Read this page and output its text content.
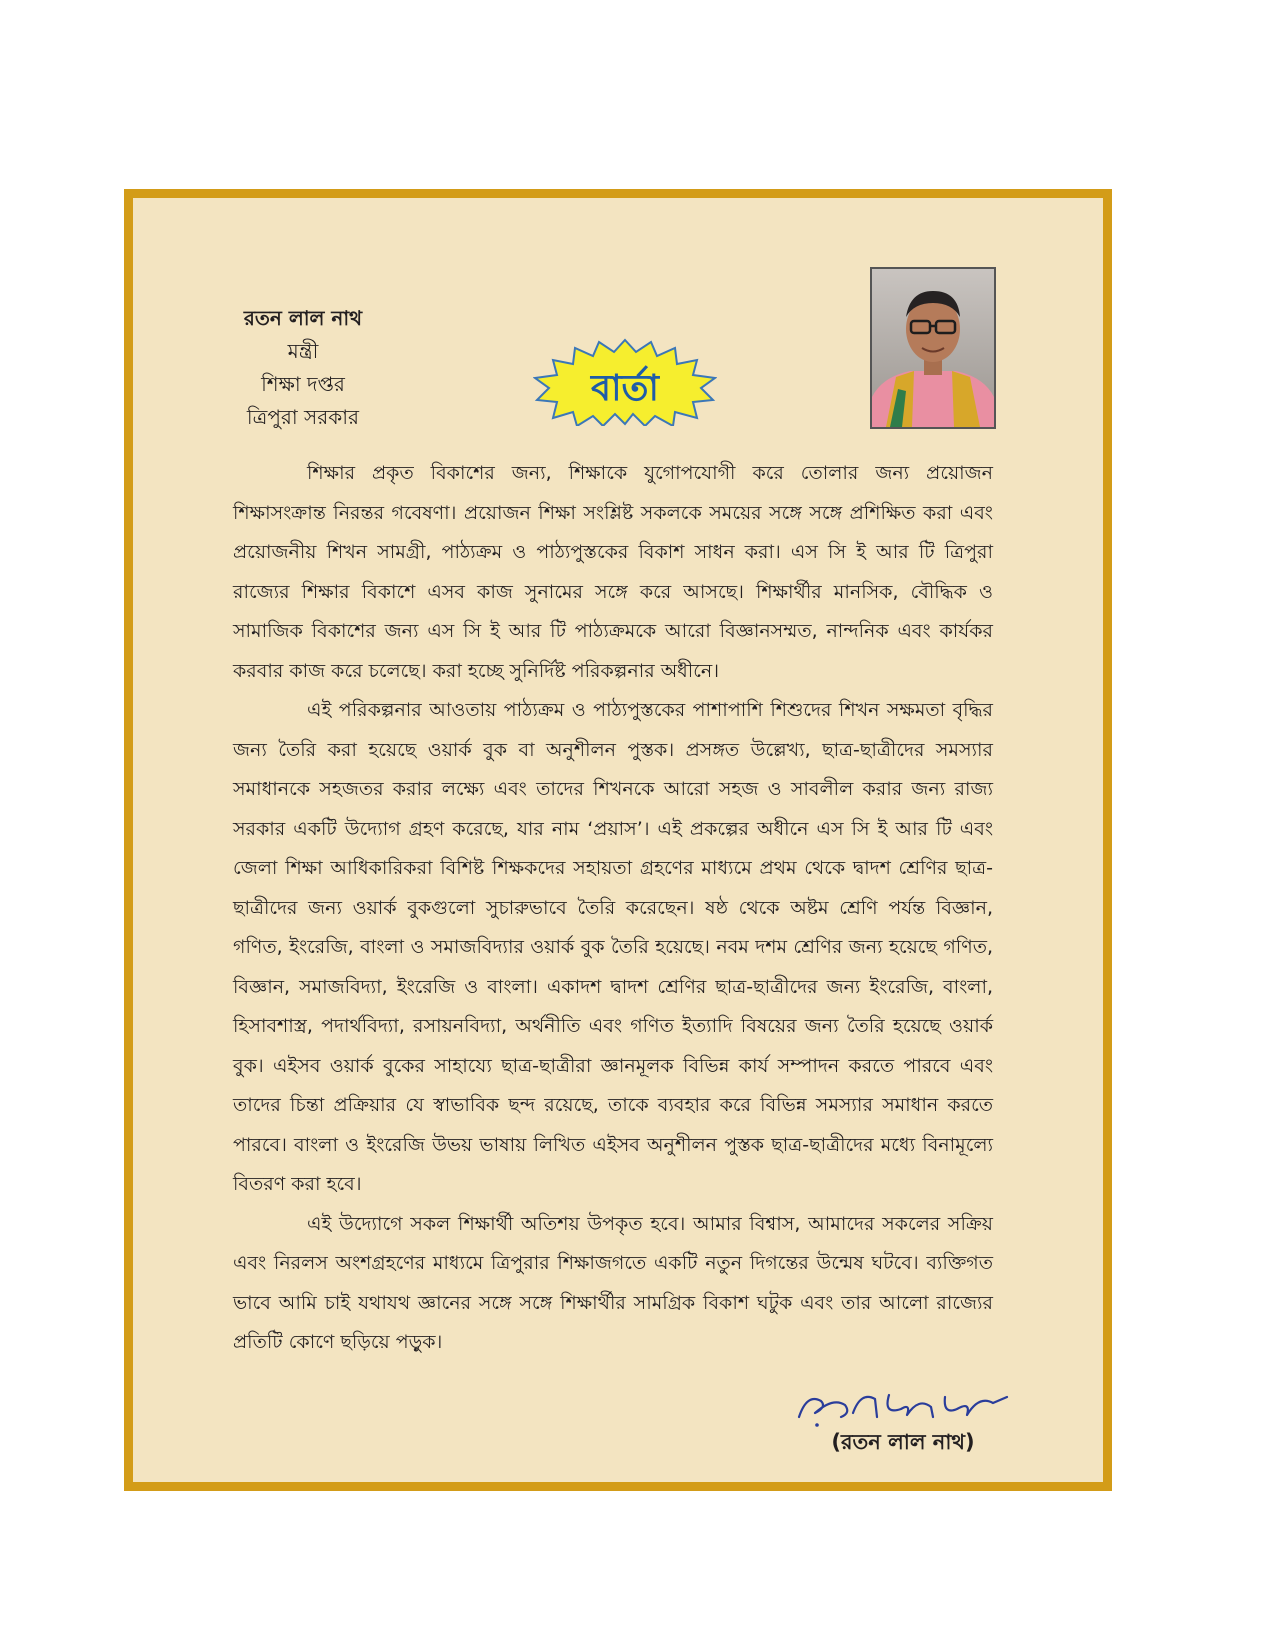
রতন লাল নাথ
মন্ত্রী
শিক্ষা দপ্তর
ত্রিপুরা সরকার
বার্তা

শিক্ষার প্রকৃত বিকাশের জন্য, শিক্ষাকে যুগোপযোগী করে তোলার জন্য প্রয়োজন শিক্ষাসংক্রান্ত নিরন্তর গবেষণা। প্রয়োজন শিক্ষা সংশ্লিষ্ট সকলকে সময়ের সঙ্গে সঙ্গে প্রশিক্ষিত করা এবং প্রয়োজনীয় শিখন সামগ্রী, পাঠ্যক্রম ও পাঠ্যপুস্তকের বিকাশ সাধন করা। এস সি ই আর টি ত্রিপুরা রাজ্যের শিক্ষার বিকাশে এসব কাজ সুনামের সঙ্গে করে আসছে। শিক্ষার্থীর মানসিক, বৌদ্ধিক ও সামাজিক বিকাশের জন্য এস সি ই আর টি পাঠ্যক্রমকে আরো বিজ্ঞানসম্মত, নান্দনিক এবং কার্যকর করবার কাজ করে চলেছে। করা হচ্ছে সুনির্দিষ্ট পরিকল্পনার অধীনে।

এই পরিকল্পনার আওতায় পাঠ্যক্রম ও পাঠ্যপুস্তকের পাশাপাশি শিশুদের শিখন সক্ষমতা বৃদ্ধির জন্য তৈরি করা হয়েছে ওয়ার্ক বুক বা অনুশীলন পুস্তক। প্রসঙ্গত উল্লেখ্য, ছাত্র-ছাত্রীদের সমস্যার সমাধানকে সহজতর করার লক্ষ্যে এবং তাদের শিখনকে আরো সহজ ও সাবলীল করার জন্য রাজ্য সরকার একটি উদ্যোগ গ্রহণ করেছে, যার নাম ‘প্রয়াস’। এই প্রকল্পের অধীনে এস সি ই আর টি এবং জেলা শিক্ষা আধিকারিকরা বিশিষ্ট শিক্ষকদের সহায়তা গ্রহণের মাধ্যমে প্রথম থেকে দ্বাদশ শ্রেণির ছাত্র-ছাত্রীদের জন্য ওয়ার্ক বুকগুলো সুচারুভাবে তৈরি করেছেন। ষষ্ঠ থেকে অষ্টম শ্রেণি পর্যন্ত বিজ্ঞান, গণিত, ইংরেজি, বাংলা ও সমাজবিদ্যার ওয়ার্ক বুক তৈরি হয়েছে। নবম দশম শ্রেণির জন্য হয়েছে গণিত, বিজ্ঞান, সমাজবিদ্যা, ইংরেজি ও বাংলা। একাদশ দ্বাদশ শ্রেণির ছাত্র-ছাত্রীদের জন্য ইংরেজি, বাংলা, হিসাবশাস্ত্র, পদার্থবিদ্যা, রসায়নবিদ্যা, অর্থনীতি এবং গণিত ইত্যাদি বিষয়ের জন্য তৈরি হয়েছে ওয়ার্ক বুক। এইসব ওয়ার্ক বুকের সাহায্যে ছাত্র-ছাত্রীরা জ্ঞানমূলক বিভিন্ন কার্য সম্পাদন করতে পারবে এবং তাদের চিন্তা প্রক্রিয়ার যে স্বাভাবিক ছন্দ রয়েছে, তাকে ব্যবহার করে বিভিন্ন সমস্যার সমাধান করতে পারবে। বাংলা ও ইংরেজি উভয় ভাষায় লিখিত এইসব অনুশীলন পুস্তক ছাত্র-ছাত্রীদের মধ্যে বিনামূল্যে বিতরণ করা হবে।

এই উদ্যোগে সকল শিক্ষার্থী অতিশয় উপকৃত হবে। আমার বিশ্বাস, আমাদের সকলের সক্রিয় এবং নিরলস অংশগ্রহণের মাধ্যমে ত্রিপুরার শিক্ষাজগতে একটি নতুন দিগন্তের উন্মেষ ঘটবে। ব্যক্তিগত ভাবে আমি চাই যথাযথ জ্ঞানের সঙ্গে সঙ্গে শিক্ষার্থীর সামগ্রিক বিকাশ ঘটুক এবং তার আলো রাজ্যের প্রতিটি কোণে ছড়িয়ে পড়ুক।

(রতন লাল নাথ)
